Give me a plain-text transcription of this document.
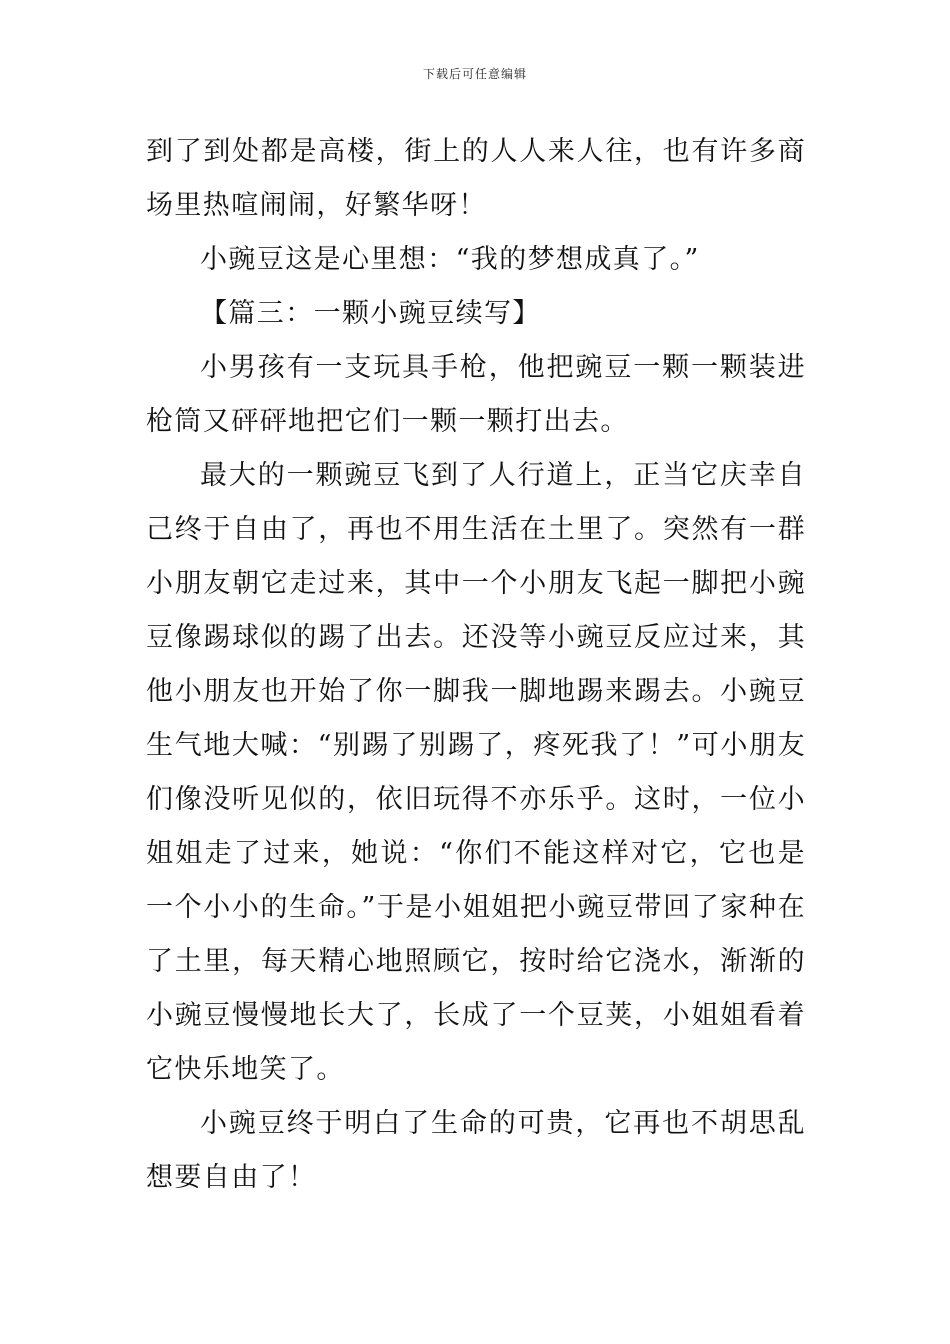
下载后可任意编辑

到了到处都是高楼，街上的人人来人往，也有许多商场里热喧闹闹，好繁华呀！

小豌豆这是心里想：“我的梦想成真了。”

【篇三：一颗小豌豆续写】

小男孩有一支玩具手枪，他把豌豆一颗一颗装进枪筒又砰砰地把它们一颗一颗打出去。

最大的一颗豌豆飞到了人行道上，正当它庆幸自己终于自由了，再也不用生活在土里了。突然有一群小朋友朝它走过来，其中一个小朋友飞起一脚把小豌豆像踢球似的踢了出去。还没等小豌豆反应过来，其他小朋友也开始了你一脚我一脚地踢来踢去。小豌豆生气地大喊：“别踢了别踢了，疼死我了！”可小朋友们像没听见似的，依旧玩得不亦乐乎。这时，一位小姐姐走了过来，她说：“你们不能这样对它，它也是一个小小的生命。”于是小姐姐把小豌豆带回了家种在了土里，每天精心地照顾它，按时给它浇水，渐渐的小豌豆慢慢地长大了，长成了一个豆荚，小姐姐看着它快乐地笑了。

小豌豆终于明白了生命的可贵，它再也不胡思乱想要自由了！
